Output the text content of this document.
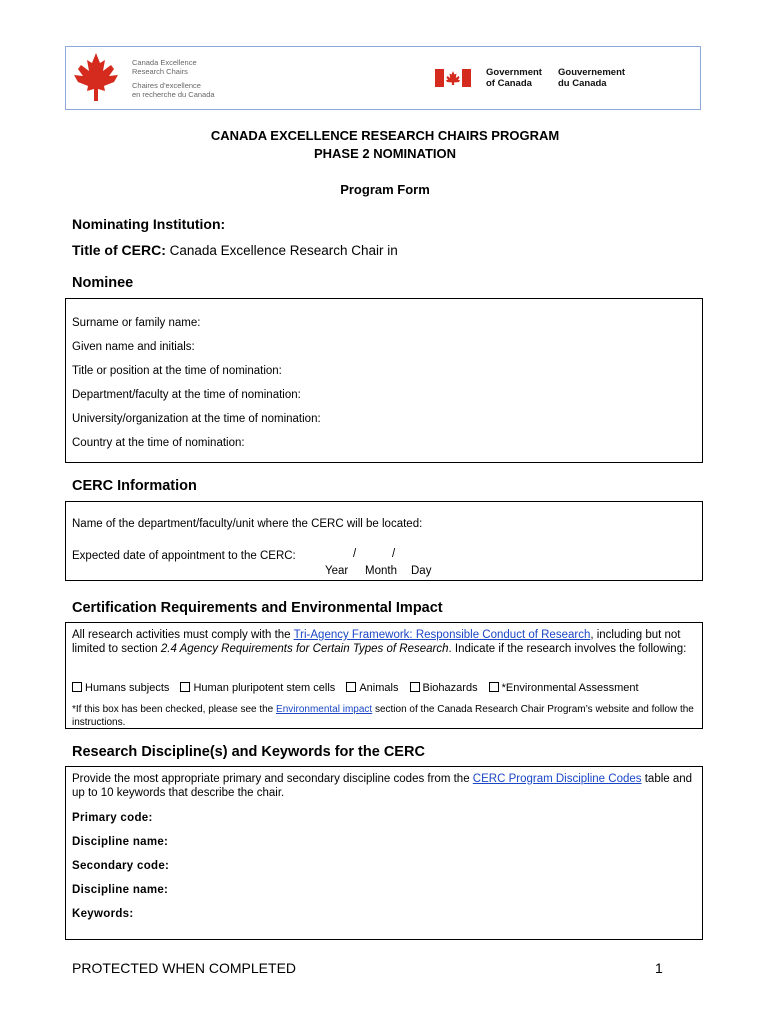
Canada Excellence
Research Chairs
Chaires d'excellence
en recherche du Canada
Government
of Canada
Gouvernement
du Canada
CANADA EXCELLENCE RESEARCH CHAIRS PROGRAM
PHASE 2 NOMINATION
Program Form
Nominating Institution:
Title of CERC: Canada Excellence Research Chair in
Nominee
Surname or family name:
Given name and initials:
Title or position at the time of nomination:
Department/faculty at the time of nomination:
University/organization at the time of nomination:
Country at the time of nomination:
CERC Information
Name of the department/faculty/unit where the CERC will be located:
Expected date of appointment to the CERC:	/	/
Year Month Day
Certification Requirements and Environmental Impact
All research activities must comply with the Tri-Agency Framework: Responsible Conduct of Research, including but not limited to section 2.4 Agency Requirements for Certain Types of Research. Indicate if the research involves the following:
Humans subjects Human pluripotent stem cells Animals Biohazards *Environmental Assessment
*If this box has been checked, please see the Environmental impact section of the Canada Research Chair Program’s website and follow the instructions.
Research Discipline(s) and Keywords for the CERC
Provide the most appropriate primary and secondary discipline codes from the CERC Program Discipline Codes table and up to 10 keywords that describe the chair.
Primary code:
Discipline name:
Secondary code:
Discipline name:
Keywords:
PROTECTED WHEN COMPLETED	1
